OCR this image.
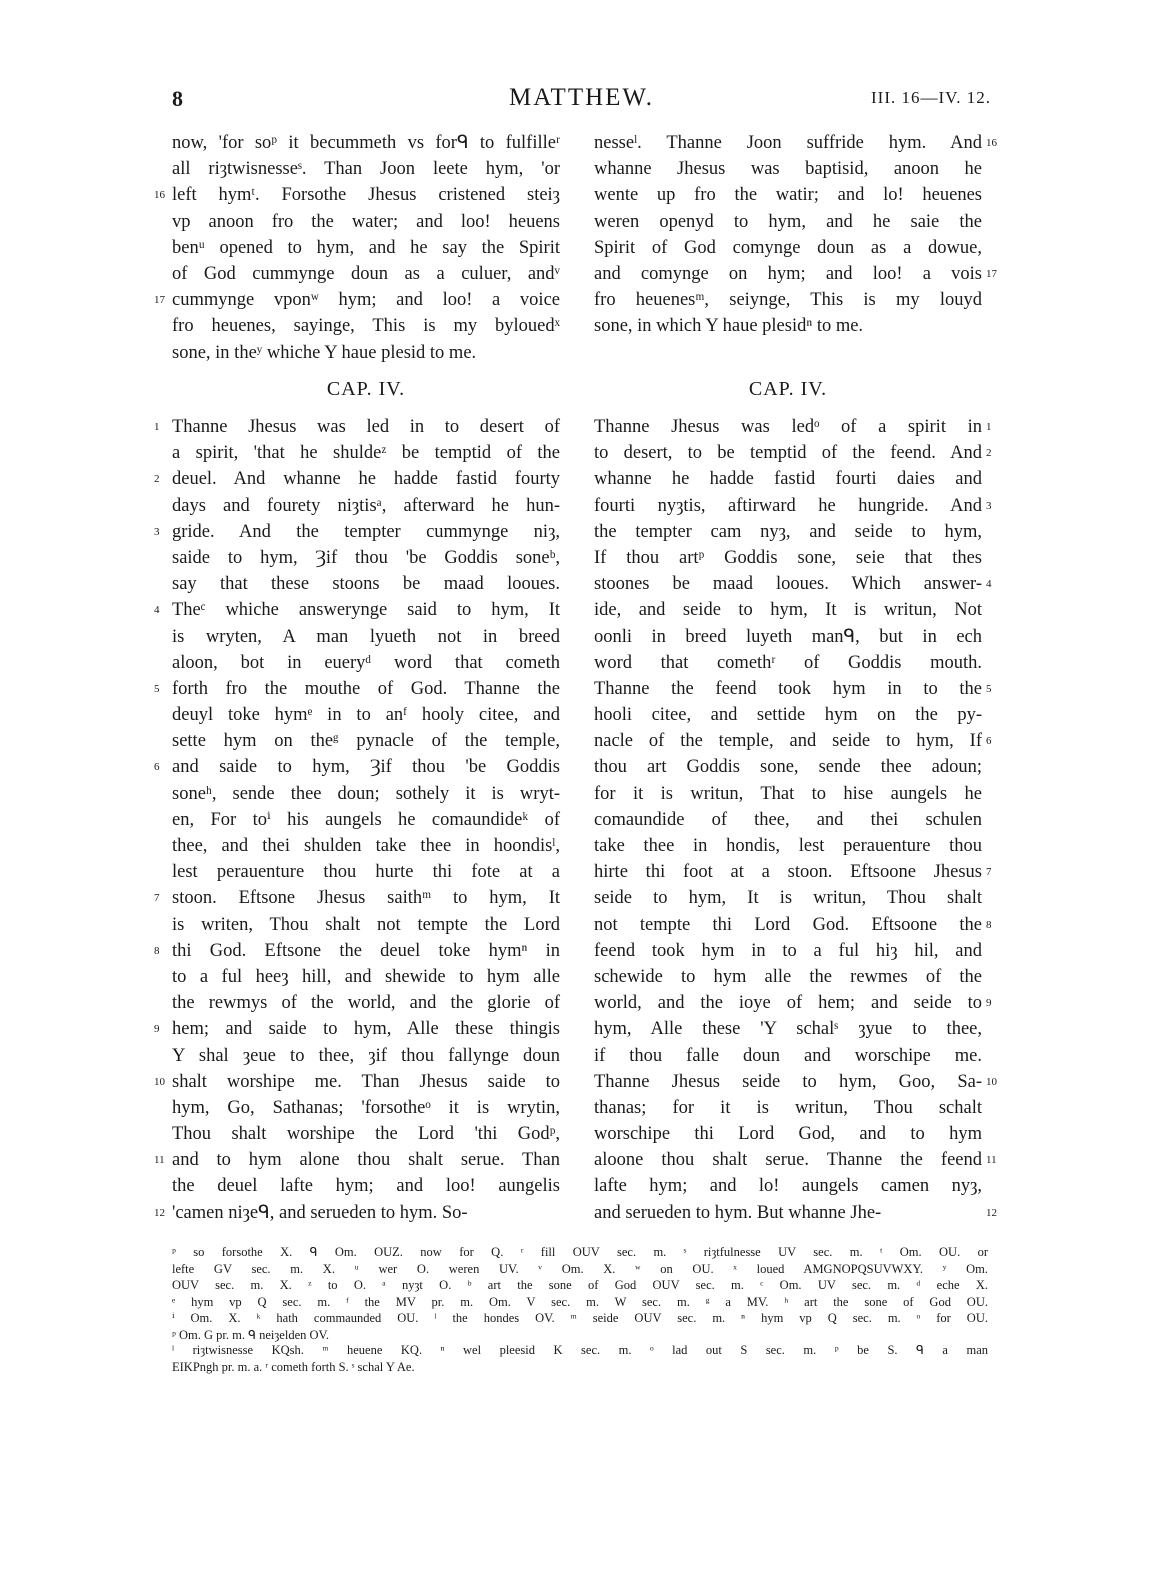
8	MATTHEW.	III. 16—IV. 12.
now, 'for soᵖ it becummeth vs forᑫ to fulfilleʳ
all riȝtwisnesseˢ. Than Joon leete hym, 'or
left hymᵗ. Forsothe Jhesus cristened steiȝ
16
vp anoon fro the water; and loo! heuens
benᵘ opened to hym, and he say the Spirit
of God cummynge doun as a culuer, andᵛ
cummynge vponʷ hym; and loo! a voice
17
fro heuenes, sayinge, This is my bylouedˣ
sone, in theʸ whiche Y haue plesid to me.
nesseˡ. Thanne Joon suffride hym. And 16
whanne Jhesus was baptisid, anoon he
wente up fro the watir; and lo! heuenes
weren openyd to hym, and he saie the
Spirit of God comynge doun as a dowue,
and comynge on hym; and loo! a vois 17
fro heuenesᵐ, seiynge, This is my louyd
sone, in which Y haue plesidⁿ to me.
CAP. IV.	CAP. IV.
Thanne Jhesus was led in to desert of
1
a spirit, 'that he shuldeᶻ be temptid of the
deuel. And whanne he hadde fastid fourty
2
days and fourety niȝtisᵃ, afterward he hun-
gride. And the tempter cummynge niȝ,
3
saide to hym, Ȝif thou 'be Goddis soneᵇ,
say that these stoons be maad looues.
Theᶜ whiche answerynge said to hym, It
4
is wryten, A man lyueth not in breed
aloon, bot in eueryᵈ word that cometh
forth fro the mouthe of God. Thanne the
5
deuyl toke hymᵉ in to anᶠ hooly citee, and
sette hym on theᵍ pynacle of the temple,
and saide to hym, Ȝif thou 'be Goddis
6
soneʰ, sende thee doun; sothely it is wryt-
en, For toⁱ his aungels he comaundideᵏ of
thee, and thei shulden take thee in hoondisˡ,
lest perauenture thou hurte thi fote at a
stoon. Eftsone Jhesus saithᵐ to hym, It
7
is writen, Thou shalt not tempte the Lord
thi God. Eftsone the deuel toke hymⁿ in
8
to a ful heeȝ hill, and shewide to hym alle
the rewmys of the world, and the glorie of
hem; and saide to hym, Alle these thingis
9
Y shal ȝeue to thee, ȝif thou fallynge doun
shalt worshipe me. Than Jhesus saide to
10
hym, Go, Sathanas; 'forsotheᵒ it is wrytin,
Thou shalt worshipe the Lord 'thi Godᵖ,
and to hym alone thou shalt serue. Than
11
the deuel lafte hym; and loo! aungelis
'camen niȝeᑫ, and serueden to hym. So-
12
Thanne Jhesus was ledᵒ of a spirit in 1
to desert, to be temptid of the feend. And 2
whanne he hadde fastid fourti daies and
fourti nyȝtis, aftirward he hungride. And 3
the tempter cam nyȝ, and seide to hym,
If thou artᵖ Goddis sone, seie that thes
stoones be maad looues. Which answer- 4
ide, and seide to hym, It is writun, Not
oonli in breed luyeth manᑫ, but in ech
word that comethʳ of Goddis mouth.
Thanne the feend took hym in to the 5
hooli citee, and settide hym on the py-
nacle of the temple, and seide to hym, If 6
thou art Goddis sone, sende thee adoun;
for it is writun, That to hise aungels he
comaundide of thee, and thei schulen
take thee in hondis, lest perauenture thou
hirte thi foot at a stoon. Eftsoone Jhesus 7
seide to hym, It is writun, Thou shalt
not tempte thi Lord God. Eftsoone the 8
feend took hym in to a ful hiȝ hil, and
schewide to hym alle the rewmes of the
world, and the ioye of hem; and seide to 9
hym, Alle these 'Y schalˢ ȝyue to thee,
if thou falle doun and worschipe me.
Thanne Jhesus seide to hym, Goo, Sa- 10
thanas; for it is writun, Thou schalt
worschipe thi Lord God, and to hym
aloone thou shalt serue. Thanne the feend 11
lafte hym; and lo! aungels camen nyȝ,
and serueden to hym. But whanne Jhe-	12
ᵖ so forsothe X. ᑫ Om. OUZ. now for Q. ʳ fill OUV sec. m. ˢ riȝtfulnesse UV sec. m. ᵗ Om. OU. or
lefte GV sec. m. X. ᵘ wer O. weren UV. ᵛ Om. X. ʷ on OU. ˣ loued AMGNOPQSUVWXY. ʸ Om.
OUV sec. m. X. ᶻ to O. ᵃ nyȝt O. ᵇ art the sone of God OUV sec. m. ᶜ Om. UV sec. m. ᵈ eche X.
ᵉ hym vp Q sec. m. ᶠ the MV pr. m. Om. V sec. m. W sec. m. ᵍ a MV. ʰ art the sone of God OU.
ⁱ Om. X. ᵏ hath commaunded OU. ˡ the hondes OV. ᵐ seide OUV sec. m. ⁿ hym vp Q sec. m. ᵒ for OU.
ᵖ Om. G pr. m. ᑫ neiȝelden OV.
ˡ riȝtwisnesse KQsh. ᵐ heuene KQ. ⁿ wel pleesid K sec. m. ᵒ lad out S sec. m. ᵖ be S. ᑫ a man
EIKPngh pr. m. a. ʳ cometh forth S. ˢ schal Y Ae.
